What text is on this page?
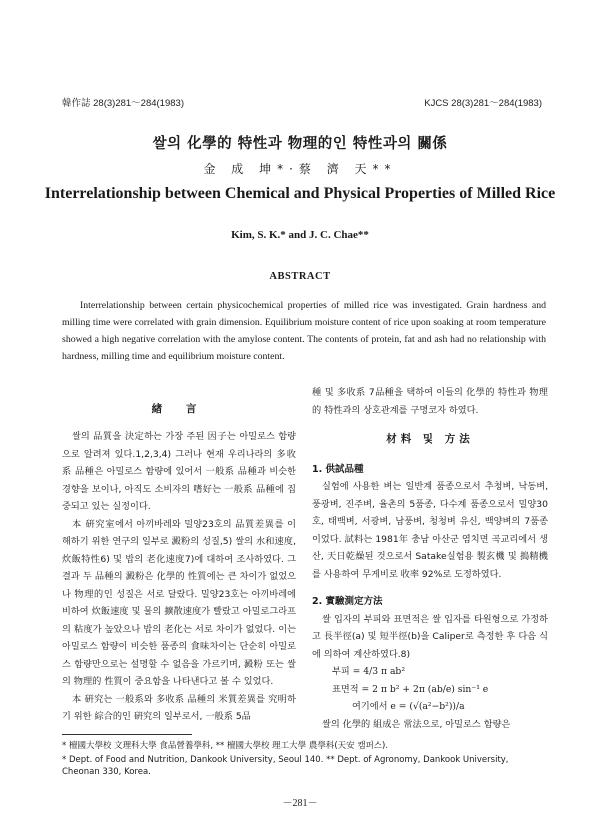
韓作誌 28(3)281～284(1983)	KJCS 28(3)281～284(1983)
쌀의 化學的 特性과 物理的인 特性과의 關係
金 成 坤*·蔡 濟 天**
Interrelationship between Chemical and Physical Properties of Milled Rice
Kim, S. K.* and J. C. Chae**
ABSTRACT
Interrelationship between certain physicochemical properties of milled rice was investigated. Grain hardness and milling time were correlated with grain dimension. Equilibrium moisture content of rice upon soaking at room temperature showed a high negative correlation with the amylose content. The contents of protein, fat and ash had no relationship with hardness, milling time and equilibrium moisture content.
緖 言

쌀의 品質을 決定하는 가장 주된 因子는 아밀로스 함량으로 알려져 있다.1,2,3,4) 그러나 현재 우리나라의 多收系 品種은 아밀로스 함량에 있어서 一般系 品種과 비슷한 경향을 보이나, 아직도 소비자의 嗜好는 一般系 品種에 집중되고 있는 실정이다.

本 硏究室에서 아끼바레와 밀양23호의 品質差異를 이해하기 위한 연구의 일부로 澱粉의 성질,5) 쌀의 水和速度, 炊飯特性6) 및 밥의 老化速度7)에 대하여 조사하였다. 그 결과 두 品種의 澱粉은 化學的 性質에는 큰 차이가 없었으나 物理的인 성질은 서로 달랐다. 밀양23호는 아끼바레에 비하여 炊飯速度 및 물의 擴散速度가 빨랐고 아밀로그라프의 粘度가 높았으나 밥의 老化는 서로 차이가 없었다. 이는 아밀로스 함량이 비슷한 품종의 食味차이는 단순히 아밀로스 함량만으로는 설명할 수 없음을 가르키며, 澱粉 또는 쌀의 物理的 性質이 중요함을 나타낸다고 볼 수 있었다.

本 硏究는 一般系와 多收系 品種의 米質差異를 究明하기 위한 綜合的인 硏究의 일부로서, 一般系 5品

種 및 多收系 7品種을 택하여 이들의 化學的 特性과 物理的 特性과의 상호관계를 구명코자 하였다.

材料 및 方法
1. 供試品種

실험에 사용한 벼는 일반계 품종으로서 추청벼, 낙동벼, 풍광벼, 진주벼, 율촌의 5품종, 다수계 품종으로서 밀양30호, 태백벼, 서광벼, 남풍벼, 청청벼 유신, 백양벼의 7품종이었다. 試料는 1981年 충남 아산군 염치면 곡교리에서 생산, 天日乾燥된 것으로서 Satake실험용 製玄機 및 搗精機를 사용하여 무게비로 收率 92%로 도정하였다.

2. 實驗測定方法

쌀 입자의 부피와 표면적은 쌀 입자를 타원형으로 가정하고 長半徑(a) 및 短半徑(b)을 Caliper로 측정한 후 다음 식에 의하여 계산하였다.8)

부피 = 4/3 π ab²

표면적 = 2 π b² + 2π (ab/e) sin⁻¹ e

여기에서 e = (√(a²−b²))/a

쌀의 化學的 組成은 常法으로, 아밀로스 함량은

* 檀國大學校 文理科大學 食品營養學科, ** 檀國大學校 理工大學 農學科(天安 캠퍼스).
* Dept. of Food and Nutrition, Dankook University, Seoul 140. ** Dept. of Agronomy, Dankook University, Cheonan 330, Korea.
－281－
